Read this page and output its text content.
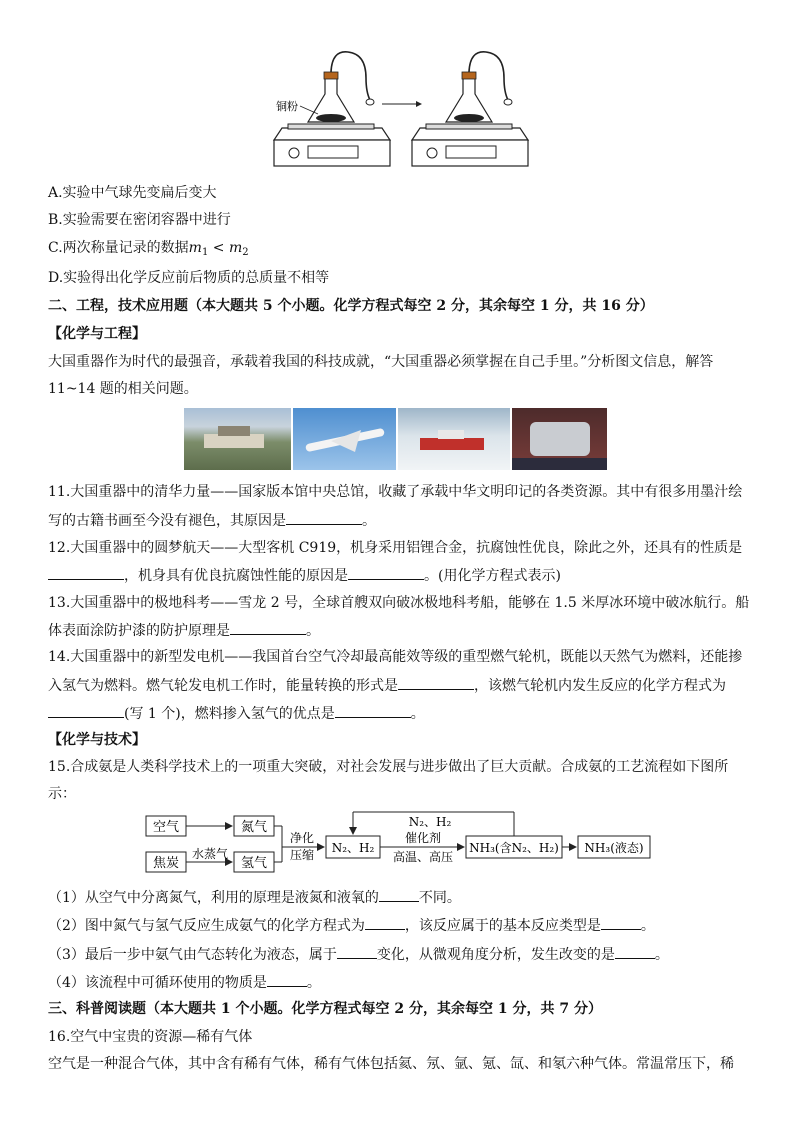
铜粉
A.实验中气球先变扁后变大
B.实验需要在密闭容器中进行
C.两次称量记录的数据$m_1 < m_2$
D.实验得出化学反应前后物质的总质量不相等
二、工程，技术应用题（本大题共 5 个小题。化学方程式每空 2 分，其余每空 1 分，共 16 分）
【化学与工程】
大国重器作为时代的最强音，承载着我国的科技成就，“大国重器必须掌握在自己手里。”分析图文信息，解答
11~14 题的相关问题。
11.大国重器中的清华力量——国家版本馆中央总馆，收藏了承载中华文明印记的各类资源。其中有很多用墨汁绘
写的古籍书画至今没有褪色，其原因是	。
12.大国重器中的圆梦航天——大型客机 C919，机身采用铝锂合金，抗腐蚀性优良，除此之外，还具有的性质是
，机身具有优良抗腐蚀性能的原因是	。(用化学方程式表示)
13.大国重器中的极地科考——雪龙 2 号，全球首艘双向破冰极地科考船，能够在 1.5 米厚冰环境中破冰航行。船
体表面涂防护漆的防护原理是	。
14.大国重器中的新型发电机——我国首台空气冷却最高能效等级的重型燃气轮机，既能以天然气为燃料，还能掺
入氢气为燃料。燃气轮发电机工作时，能量转换的形式是	，该燃气轮机内发生反应的化学方程式为
(写 1 个)，燃料掺入氢气的优点是	。
【化学与技术】
15.合成氨是人类科学技术上的一项重大突破，对社会发展与进步做出了巨大贡献。合成氨的工艺流程如下图所
示：
空气
焦炭
氮气
氢气
N₂、H₂	NH₃(含N₂、H₂) NH₃(液态)
水蒸气
净化
压缩
催化剂
高温、高压
N₂、H₂
（1）从空气中分离氮气，利用的原理是液氮和液氧的	不同。
（2）图中氮气与氢气反应生成氨气的化学方程式为	，该反应属于的基本反应类型是	。
（3）最后一步中氨气由气态转化为液态，属于	变化，从微观角度分析，发生改变的是	。
（4）该流程中可循环使用的物质是	。
三、科普阅读题（本大题共 1 个小题。化学方程式每空 2 分，其余每空 1 分，共 7 分）
16.空气中宝贵的资源—稀有气体
空气是一种混合气体，其中含有稀有气体，稀有气体包括氦、氖、氩、氪、氙、和氡六种气体。常温常压下，稀
